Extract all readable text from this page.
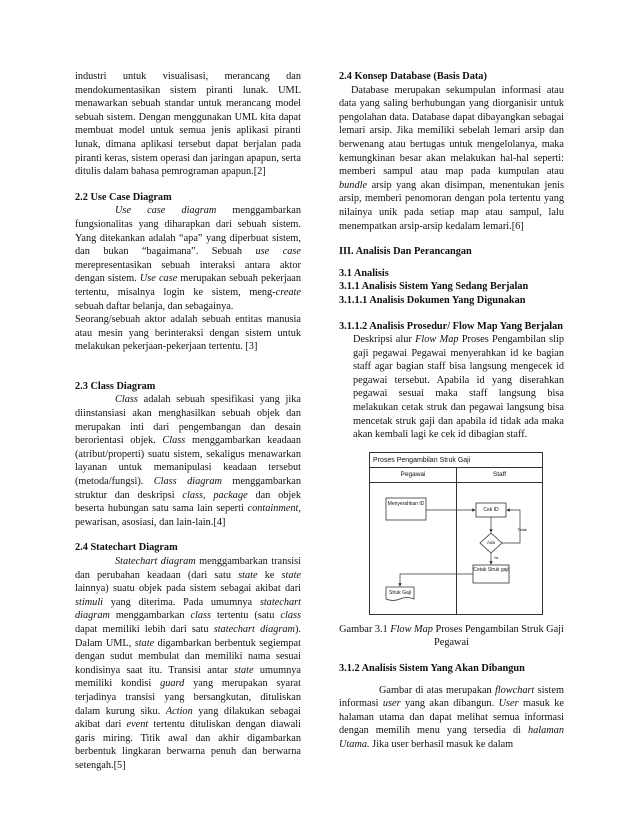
industri untuk visualisasi, merancang dan mendokumentasikan sistem piranti lunak. UML menawarkan sebuah standar untuk merancang model sebuah sistem. Dengan menggunakan UML kita dapat membuat model untuk semua jenis aplikasi piranti lunak, dimana aplikasi tersebut dapat berjalan pada piranti keras, sistem operasi dan jaringan apapun, serta ditulis dalam bahasa pemrograman apapun.[2]

2.2 Use Case Diagram

Use case diagram menggambarkan fungsionalitas yang diharapkan dari sebuah sistem. Yang ditekankan adalah “apa” yang diperbuat sistem, dan bukan “bagaimana”. Sebuah use case merepresentasikan sebuah interaksi antara aktor dengan sistem. Use case merupakan sebuah pekerjaan tertentu, misalnya login ke sistem, meng-create sebuah daftar belanja, dan sebagainya.

Seorang/sebuah aktor adalah sebuah entitas manusia atau mesin yang berinteraksi dengan sistem untuk melakukan pekerjaan-pekerjaan tertentu. [3]

2.3 Class Diagram

Class adalah sebuah spesifikasi yang jika diinstansiasi akan menghasilkan sebuah objek dan merupakan inti dari pengembangan dan desain berorientasi objek. Class menggambarkan keadaan (atribut/properti) suatu sistem, sekaligus menawarkan layanan untuk memanipulasi keadaan tersebut (metoda/fungsi). Class diagram menggambarkan struktur dan deskripsi class, package dan objek beserta hubungan satu sama lain seperti containment, pewarisan, asosiasi, dan lain-lain.[4]

2.4 Statechart Diagram

Statechart diagram menggambarkan transisi dan perubahan keadaan (dari satu state ke state lainnya) suatu objek pada sistem sebagai akibat dari stimuli yang diterima. Pada umumnya statechart diagram menggambarkan class tertentu (satu class dapat memiliki lebih dari satu statechart diagram). Dalam UML, state digambarkan berbentuk segiempat dengan sudut membulat dan memiliki nama sesuai kondisinya saat itu. Transisi antar state umumnya memiliki kondisi guard yang merupakan syarat terjadinya transisi yang bersangkutan, dituliskan dalam kurung siku. Action yang dilakukan sebagai akibat dari event tertentu dituliskan dengan diawali garis miring. Titik awal dan akhir digambarkan berbentuk lingkaran berwarna penuh dan berwarna setengah.[5]

2.4 Konsep Database (Basis Data)

Database merupakan sekumpulan informasi atau data yang saling berhubungan yang diorganisir untuk pengolahan data. Database dapat dibayangkan sebagai lemari arsip. Jika memiliki sebelah lemari arsip dan berwenang atau bertugas untuk mengelolanya, maka kemungkinan besar akan melakukan hal-hal seperti: memberi sampul atau map pada kumpulan atau bundle arsip yang akan disimpan, menentukan jenis arsip, memberi penomoran dengan pola tertentu yang nilainya unik pada setiap map atau sampul, lalu menempatkan arsip-arsip kedalam lemari.[6]

III. Analisis Dan Perancangan

3.1 Analisis

3.1.1 Analisis Sistem Yang Sedang Berjalan

3.1.1.1 Analisis Dokumen Yang Digunakan

3.1.1.2 Analisis Prosedur/ Flow Map Yang Berjalan

Deskripsi alur Flow Map Proses Pengambilan slip gaji pegawai Pegawai menyerahkan id ke bagian staff agar bagian staff bisa langsung mengecek id pegawai tersebut. Apabila id yang diserahkan pegawai sesuai maka staff langsung bisa melakukan cetak struk dan pegawai langsung bisa mencetak struk gaji dan apabila id tidak ada maka akan kembali lagi ke cek id dibagian staff.

Proses Pengambilan Struk Gaji
Pegawai	Staff
Menyerahkan ID
Cek ID
Ada
Cetak Struk gaji
Struk Gaji
Tidak
Ya

Gambar 3.1 Flow Map Proses Pengambilan Struk Gaji Pegawai

3.1.2 Analisis Sistem Yang Akan Dibangun

Gambar di atas merupakan flowchart sistem informasi user yang akan dibangun. User masuk ke halaman utama dan dapat melihat semua informasi dengan memilih menu yang tersedia di halaman Utama. Jika user berhasil masuk ke dalam
